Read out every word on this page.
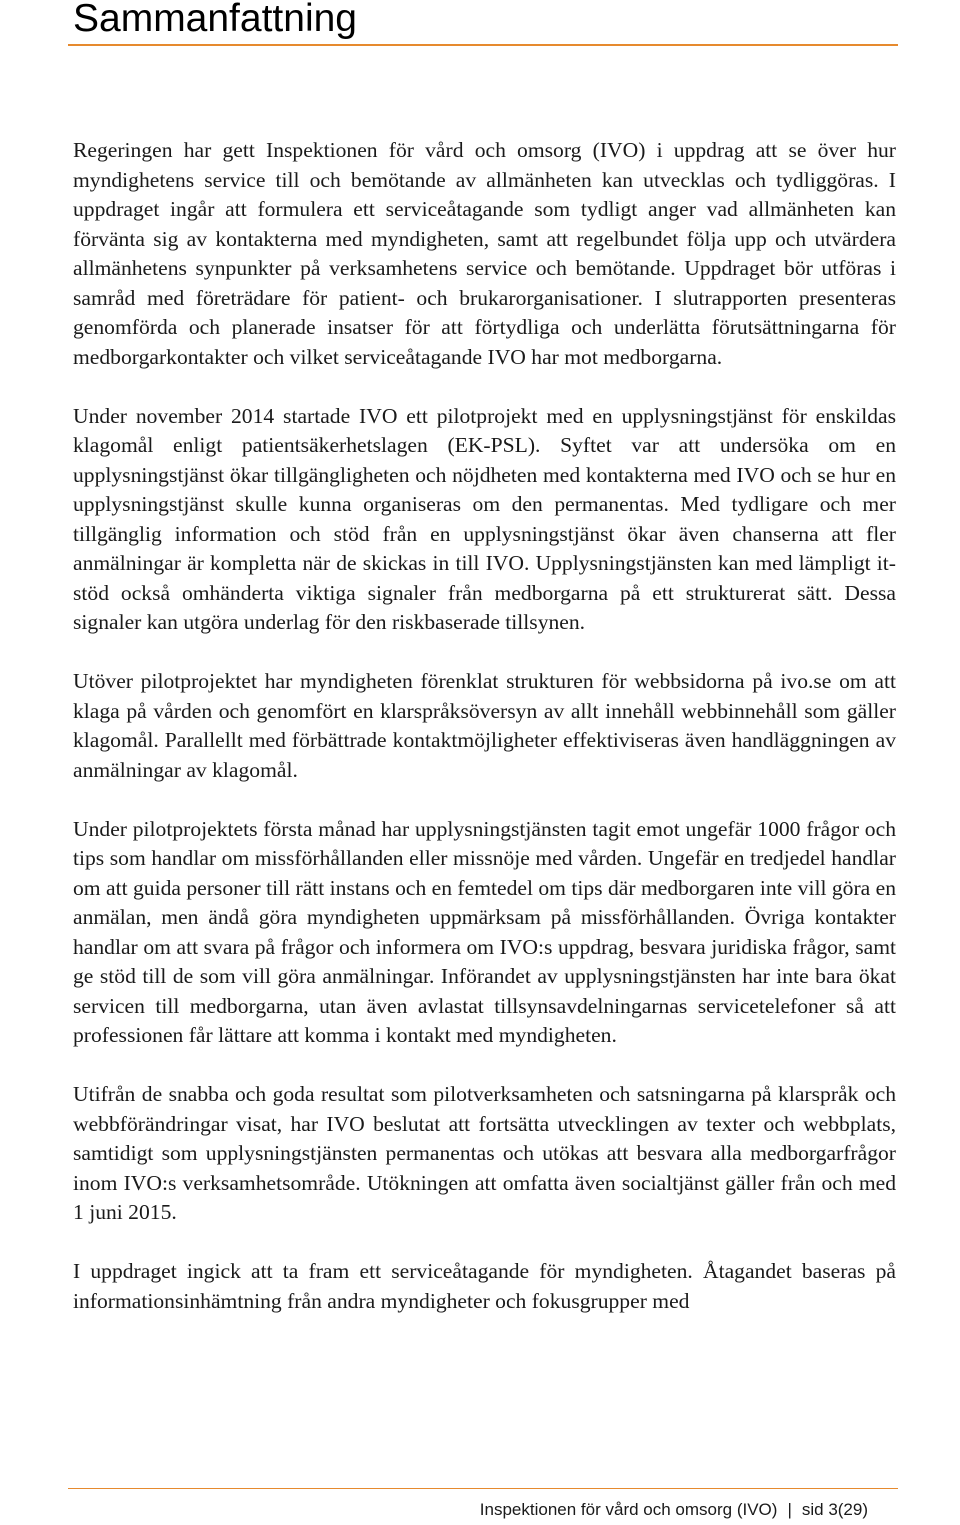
Sammanfattning

Regeringen har gett Inspektionen för vård och omsorg (IVO) i uppdrag att se över hur myndighetens service till och bemötande av allmänheten kan utvecklas och tydliggöras. I uppdraget ingår att formulera ett serviceåtagande som tydligt anger vad allmänheten kan förvänta sig av kontakterna med myndigheten, samt att regelbundet följa upp och utvärdera allmänhetens synpunkter på verksamhetens service och bemötande. Uppdraget bör utföras i samråd med företrädare för patient- och brukarorganisationer. I slutrapporten presenteras genomförda och planerade insatser för att förtydliga och underlätta förutsättningarna för medborgarkontakter och vilket serviceåtagande IVO har mot medborgarna.

Under november 2014 startade IVO ett pilotprojekt med en upplysningstjänst för enskildas klagomål enligt patientsäkerhetslagen (EK-PSL). Syftet var att undersöka om en upplysningstjänst ökar tillgängligheten och nöjdheten med kontakterna med IVO och se hur en upplysningstjänst skulle kunna organiseras om den permanentas. Med tydligare och mer tillgänglig information och stöd från en upplysningstjänst ökar även chanserna att fler anmälningar är kompletta när de skickas in till IVO. Upplysningstjänsten kan med lämpligt it-stöd också omhänderta viktiga signaler från medborgarna på ett strukturerat sätt. Dessa signaler kan utgöra underlag för den riskbaserade tillsynen.

Utöver pilotprojektet har myndigheten förenklat strukturen för webbsidorna på ivo.se om att klaga på vården och genomfört en klarspråksöversyn av allt innehåll webbinnehåll som gäller klagomål. Parallellt med förbättrade kontaktmöjligheter effektiviseras även handläggningen av anmälningar av klagomål.

Under pilotprojektets första månad har upplysningstjänsten tagit emot ungefär 1000 frågor och tips som handlar om missförhållanden eller missnöje med vården. Ungefär en tredjedel handlar om att guida personer till rätt instans och en femtedel om tips där medborgaren inte vill göra en anmälan, men ändå göra myndigheten uppmärksam på missförhållanden. Övriga kontakter handlar om att svara på frågor och informera om IVO:s uppdrag, besvara juridiska frågor, samt ge stöd till de som vill göra anmälningar. Införandet av upplysningstjänsten har inte bara ökat servicen till medborgarna, utan även avlastat tillsynsavdelningarnas servicetelefoner så att professionen får lättare att komma i kontakt med myndigheten.

Utifrån de snabba och goda resultat som pilotverksamheten och satsningarna på klarspråk och webbförändringar visat, har IVO beslutat att fortsätta utvecklingen av texter och webbplats, samtidigt som upplysningstjänsten permanentas och utökas att besvara alla medborgarfrågor inom IVO:s verksamhetsområde. Utökningen att omfatta även socialtjänst gäller från och med 1 juni 2015.

I uppdraget ingick att ta fram ett serviceåtagande för myndigheten. Åtagandet baseras på informationsinhämtning från andra myndigheter och fokusgrupper med

Inspektionen för vård och omsorg (IVO) | sid 3(29)
